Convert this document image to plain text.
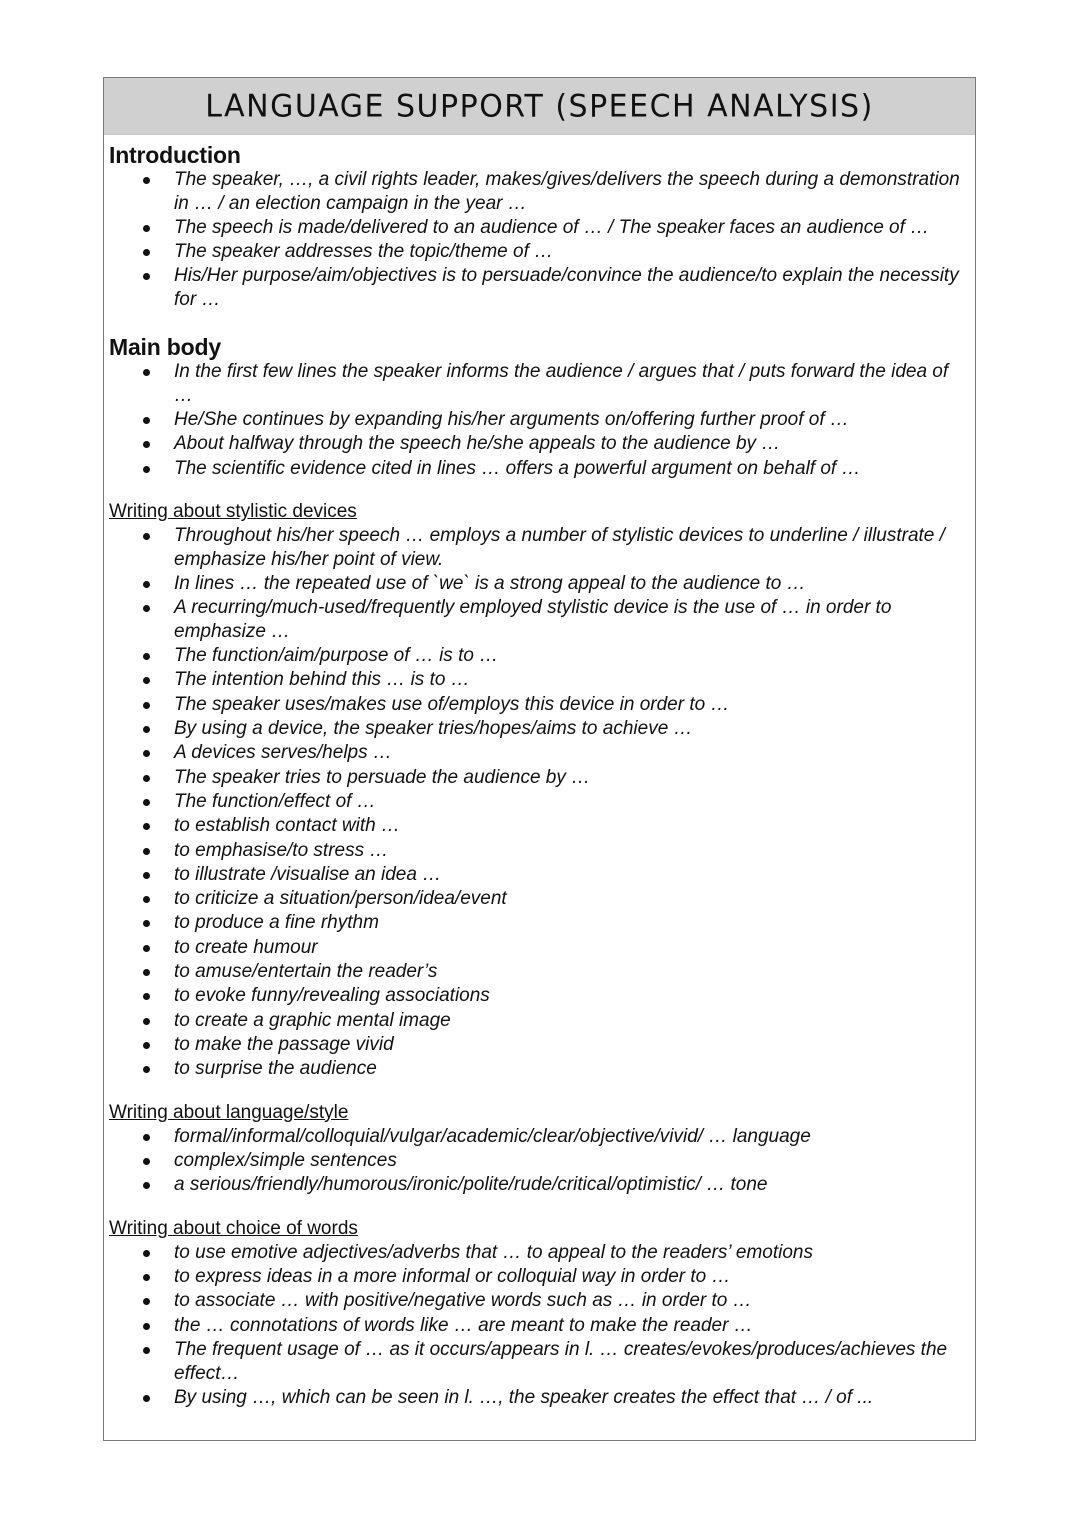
LANGUAGE SUPPORT (SPEECH ANALYSIS)
Introduction
The speaker, …, a civil rights leader, makes/gives/delivers the speech during a demonstration in … / an election campaign in the year …
The speech is made/delivered to an audience of … / The speaker faces an audience of …
The speaker addresses the topic/theme of …
His/Her purpose/aim/objectives is to persuade/convince the audience/to explain the necessity for …
Main body
In the first few lines the speaker informs the audience / argues that / puts forward the idea of …
He/She continues by expanding his/her arguments on/offering further proof of …
About halfway through the speech he/she appeals to the audience by …
The scientific evidence cited in lines … offers a powerful argument on behalf of …
Writing about stylistic devices
Throughout his/her speech … employs a number of stylistic devices to underline / illustrate / emphasize his/her point of view.
In lines … the repeated use of `we` is a strong appeal to the audience to …
A recurring/much-used/frequently employed stylistic device is the use of … in order to emphasize …
The function/aim/purpose of … is to …
The intention behind this … is to …
The speaker uses/makes use of/employs this device in order to …
By using a device, the speaker tries/hopes/aims to achieve …
A devices serves/helps …
The speaker tries to persuade the audience by …
The function/effect of …
to establish contact with …
to emphasise/to stress …
to illustrate /visualise an idea …
to criticize a situation/person/idea/event
to produce a fine rhythm
to create humour
to amuse/entertain the reader’s
to evoke funny/revealing associations
to create a graphic mental image
to make the passage vivid
to surprise the audience
Writing about language/style
formal/informal/colloquial/vulgar/academic/clear/objective/vivid/ … language
complex/simple sentences
a serious/friendly/humorous/ironic/polite/rude/critical/optimistic/ … tone
Writing about choice of words
to use emotive adjectives/adverbs that … to appeal to the readers’ emotions
to express ideas in a more informal or colloquial way in order to …
to associate … with positive/negative words such as … in order to …
the … connotations of words like … are meant to make the reader …
The frequent usage of … as it occurs/appears in l. … creates/evokes/produces/achieves the effect…
By using …, which can be seen in l. …, the speaker creates the effect that … / of ...
